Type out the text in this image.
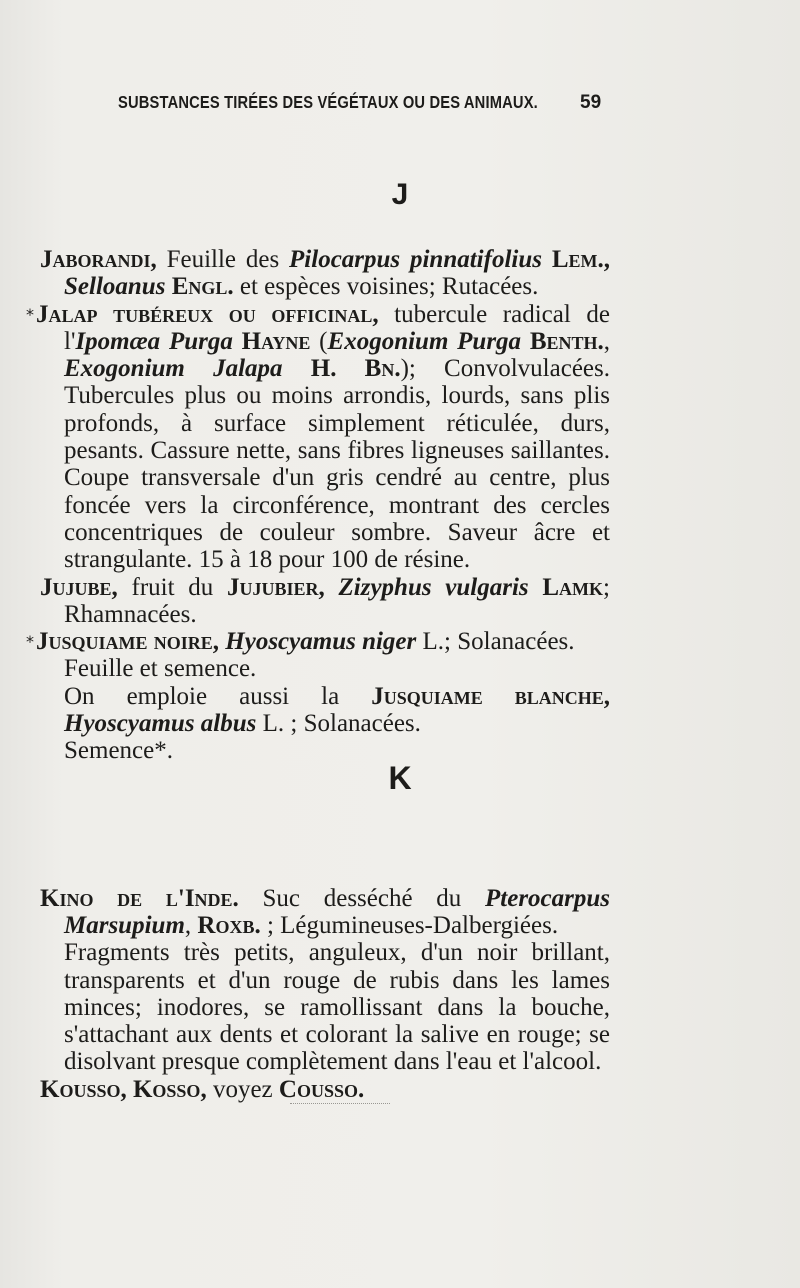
SUBSTANCES TIRÉES DES VÉGÉTAUX OU DES ANIMAUX. 59
J

Jaborandi, Feuille des Pilocarpus pinnatifolius Lem., Selloanus Engl. et espèces voisines; Rutacées.

*Jalap tubéreux ou officinal, tubercule radical de l'Ipomæa Purga Hayne (Exogonium Purga Benth., Exogonium Jalapa H. Bn.); Convolvulacées. Tubercules plus ou moins arrondis, lourds, sans plis profonds, à surface simplement réticulée, durs, pesants. Cassure nette, sans fibres ligneuses saillantes. Coupe transversale d'un gris cendré au centre, plus foncée vers la circonférence, montrant des cercles concentriques de couleur sombre. Saveur âcre et strangulante. 15 à 18 pour 100 de résine.

Jujube, fruit du Jujubier, Zizyphus vulgaris Lamk; Rhamnacées.

*Jusquiame noire, Hyoscyamus niger L.; Solanacées.

Feuille et semence.

On emploie aussi la Jusquiame blanche, Hyoscyamus albus L. ; Solanacées.

Semence*.

Kino de l'Inde. Suc desséché du Pterocarpus Marsupium, Roxb. ; Légumineuses-Dalbergiées.

Fragments très petits, anguleux, d'un noir brillant, transparents et d'un rouge de rubis dans les lames minces; inodores, se ramollissant dans la bouche, s'attachant aux dents et colorant la salive en rouge; se disolvant presque complètement dans l'eau et l'alcool.

Kousso, Kosso, voyez Cousso.

K
